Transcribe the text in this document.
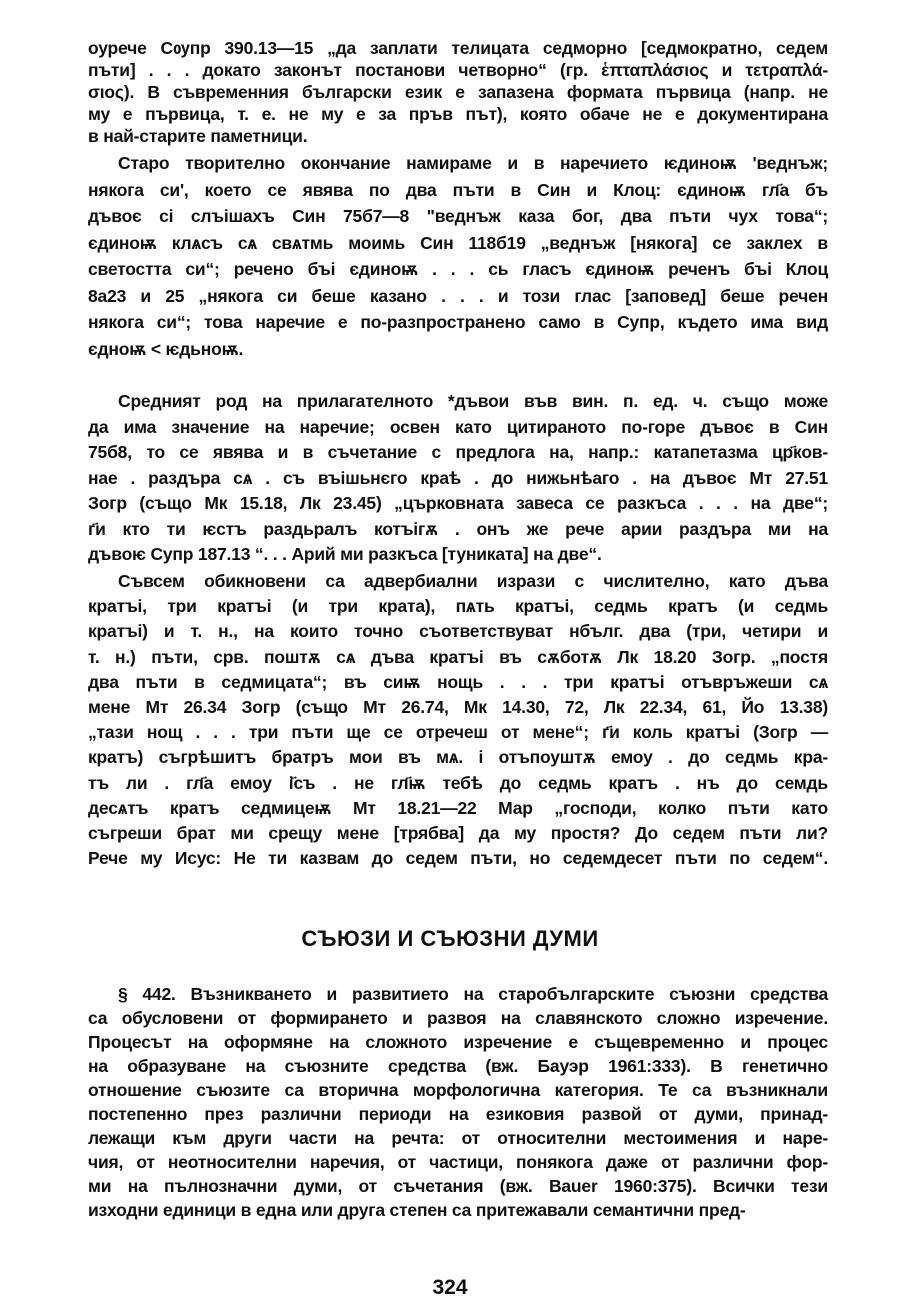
оурече Сѹпр 390.13—15 „да заплати телицата седморно [седмократно, седем
пъти] . . . докато законът постанови четворно“ (гр. ἑπταπλάσιος и τετραπλά-
σιος). В съвременния български език е запазена формата първица (напр. не
му е първица, т. е. не му е за пръв път), която обаче не е документирана
в най-старите паметници.
Старо творително окончание намираме и в наречието ѥдиноѭ 'веднъж;
някога си', което се явява по два пъти в Син и Клоц: єдиноѭ гл҃а бъ
дъвоє сі слъішахъ Син 75б7—8 "веднъж каза бог, два пъти чух това“;
єдиноѭ клѧсъ сѧ свѧтмь моимь Син 118б19 „веднъж [някога] се заклех в
светостта си“; речено бъі єдиноѭ . . . сь гласъ єдиноѭ реченъ бъі Клоц
8а23 и 25 „някога си беше казано . . . и този глас [заповед] беше речен
някога си“; това наречие е по-разпространено само в Супр, където има вид
єдноѭ < ѥдьноѭ.
Средният род на прилагателното *дъвои във вин. п. ед. ч. също може
да има значение на наречие; освен като цитираното по-горе дъвоє в Син
75б8, то се явява и в съчетание с предлога на, напр.: катапетазма цр҃ков-
нае . раздъра сѧ . съ въішьнєго краѣ . до нижьнѣаго . на дъвоє Мт 27.51
Зогр (също Мк 15.18, Лк 23.45) „църковната завеса се разкъса . . . на две“;
г҃и кто ти ѥстъ раздьралъ котъігѫ . онъ же рече арии раздъра ми на
дъвоѥ Супр 187.13 “. . . Арий ми разкъса [туниката] на две“.
Съвсем обикновени са адвербиални изрази с числително, като дъва
кратъі, три кратъі (и три крата), пѧть кратъі, седмь кратъ (и седмь
кратъі) и т. н., на които точно съответствуват нбълг. два (три, четири и
т. н.) пъти, срв. поштѫ сѧ дъва кратъі въ сѫботѫ Лк 18.20 Зогр. „постя
два пъти в седмицата“; въ сиѭ нощь . . . три кратъі отъвръжеши сѧ
мене Мт 26.34 Зогр (също Мт 26.74, Мк 14.30, 72, Лк 22.34, 61, Йо 13.38)
„тази нощ . . . три пъти ще се отречеш от мене“; г҃и коль кратъі (Зогр —
кратъ) съгрѣшитъ братръ мои въ мѧ. і отъпоуштѫ емоу . до седмь кра-
тъ ли . гл҃а емоу і҃съ . не гл҃ѭ тебѣ до седмь кратъ . нъ до семдь
десѧтъ кратъ седмицеѭ Мт 18.21—22 Мар „господи, колко пъти като
съгреши брат ми срещу мене [трябва] да му простя? До седем пъти ли?
Рече му Исус: Не ти казвам до седем пъти, но седемдесет пъти по седем“.
СЪЮЗИ И СЪЮЗНИ ДУМИ
§ 442. Възникването и развитието на старобългарските съюзни средства
са обусловени от формирането и развоя на славянското сложно изречение.
Процесът на оформяне на сложното изречение е същевременно и процес
на образуване на съюзните средства (вж. Бауэр 1961:333). В генетично
отношение съюзите са вторична морфологична категория. Те са възникнали
постепенно през различни периоди на езиковия развой от думи, принад-
лежащи към други части на речта: от относителни местоимения и наре-
чия, от неотносителни наречия, от частици, понякога даже от различни фор-
ми на пълнозначни думи, от съчетания (вж. Bauer 1960:375). Всички тези
изходни единици в една или друга степен са притежавали семантични пред-
324
